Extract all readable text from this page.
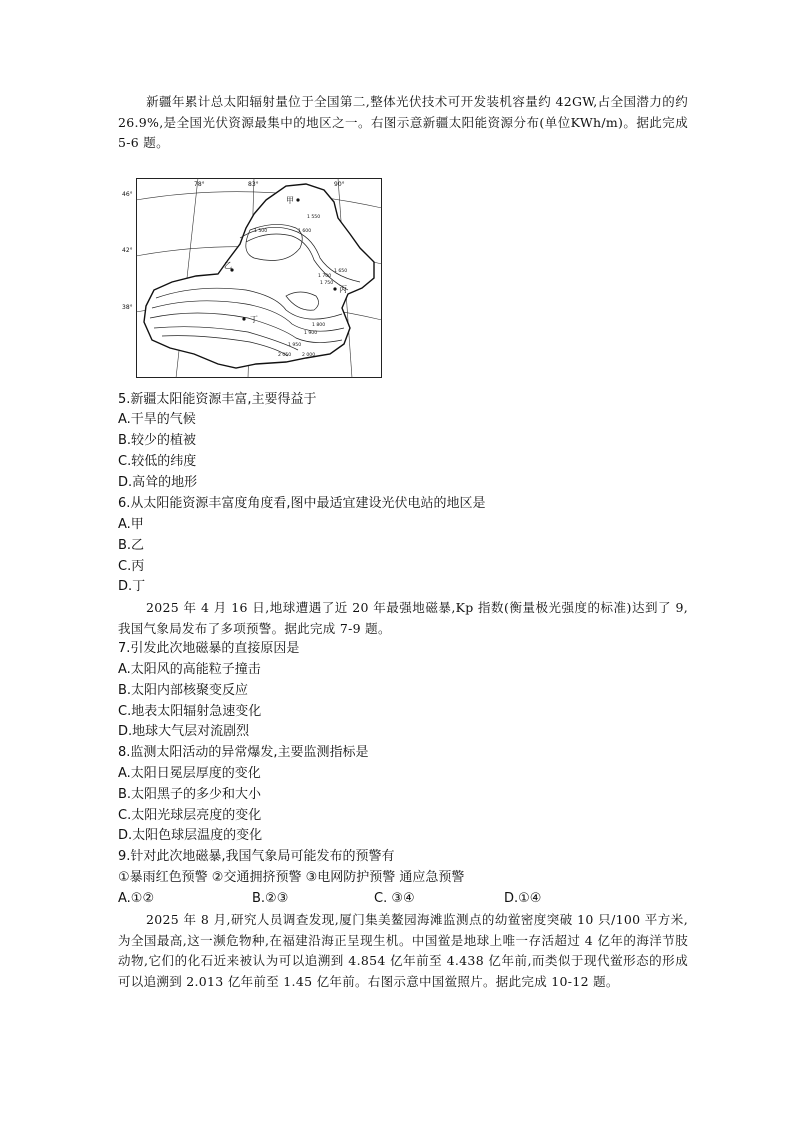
新疆年累计总太阳辐射量位于全国第二,整体光伏技术可开发装机容量约 42GW,占全国潜力的约 26.9%,是全国光伏资源最集中的地区之一。右图示意新疆太阳能资源分布(单位KWh/m)。据此完成 5-6 题。
78°	83°	90°
46°
42°
38°
甲
乙
丙
丁
1 550
1 500	1 600
1 700
1 650
1 750
1 800
1 900
1 950
2 050 2 000
5.新疆太阳能资源丰富,主要得益于
A.干旱的气候
B.较少的植被
C.较低的纬度
D.高耸的地形
6.从太阳能资源丰富度角度看,图中最适宜建设光伏电站的地区是
A.甲
B.乙
C.丙
D.丁
2025 年 4 月 16 日,地球遭遇了近 20 年最强地磁暴,Kp 指数(衡量极光强度的标准)达到了 9,我国气象局发布了多项预警。据此完成 7-9 题。
7.引发此次地磁暴的直接原因是
A.太阳风的高能粒子撞击
B.太阳内部核聚变反应
C.地表太阳辐射急速变化
D.地球大气层对流剧烈
8.监测太阳活动的异常爆发,主要监测指标是
A.太阳日冕层厚度的变化
B.太阳黑子的多少和大小
C.太阳光球层亮度的变化
D.太阳色球层温度的变化
9.针对此次地磁暴,我国气象局可能发布的预警有
①暴雨红色预警 ②交通拥挤预警 ③电网防护预警 通应急预警
A.①②	B.②③	C. ③④	D.①④
2025 年 8 月,研究人员调查发现,厦门集美鳌园海滩监测点的幼鲎密度突破 10 只/100 平方米,为全国最高,这一濒危物种,在福建沿海正呈现生机。中国鲎是地球上唯一存活超过 4 亿年的海洋节肢动物,它们的化石近来被认为可以追溯到 4.854 亿年前至 4.438 亿年前,而类似于现代鲎形态的形成可以追溯到 2.013 亿年前至 1.45 亿年前。右图示意中国鲎照片。据此完成 10-12 题。
